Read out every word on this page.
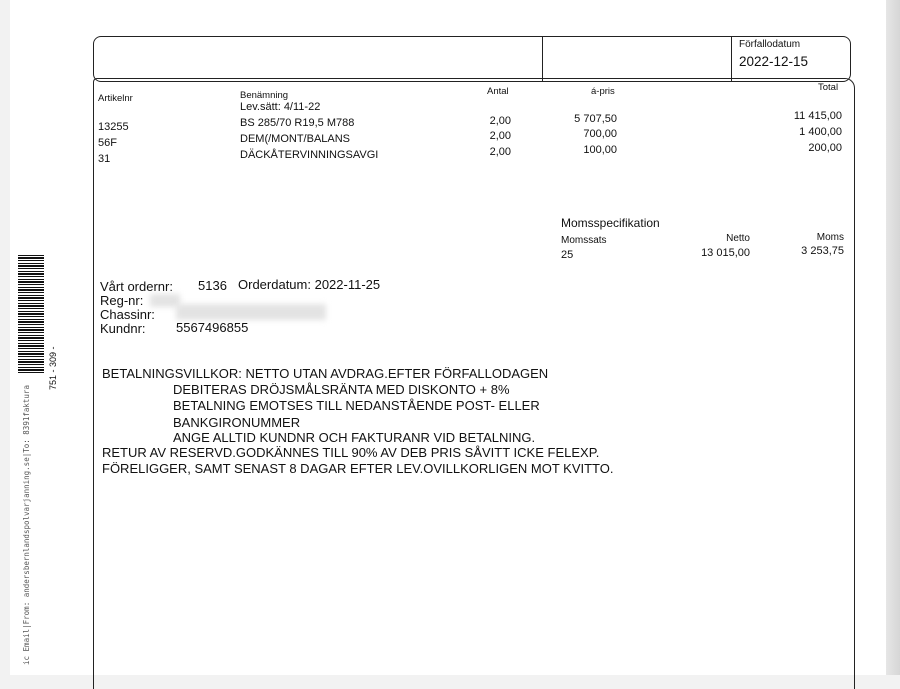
ic Email|From: andersbernlandspolvarjanning.se|To: 8391faktura
751 - 309 -
Förfallodatum
2022-12-15
Artikelnr	Benämning	Antal	á-pris	Total
Lev.sätt: 4/11-22
13255	BS 285/70 R19,5 M788	2,00	5 707,50	11 415,00
56F	DEM(/MONT/BALANS	2,00	700,00	1 400,00
31	DÄCKÅTERVINNINGSAVGI	2,00	100,00	200,00
Momsspecifikation
Momssats	Netto	Moms
25	13 015,00	3 253,75
Vårt ordernr: 5136 Orderdatum: 2022-11-25
Reg-nr:
Chassinr:
Kundnr: 5567496855
BETALNINGSVILLKOR: NETTO UTAN AVDRAG.EFTER FÖRFALLODAGEN
DEBITERAS DRÖJSMÅLSRÄNTA MED DISKONTO + 8%
BETALNING EMOTSES TILL NEDANSTÅENDE POST- ELLER
BANKGIRONUMMER
ANGE ALLTID KUNDNR OCH FAKTURANR VID BETALNING.
RETUR AV RESERVD.GODKÄNNES TILL 90% AV DEB PRIS SÅVITT ICKE FELEXP.
FÖRELIGGER, SAMT SENAST 8 DAGAR EFTER LEV.OVILLKORLIGEN MOT KVITTO.
